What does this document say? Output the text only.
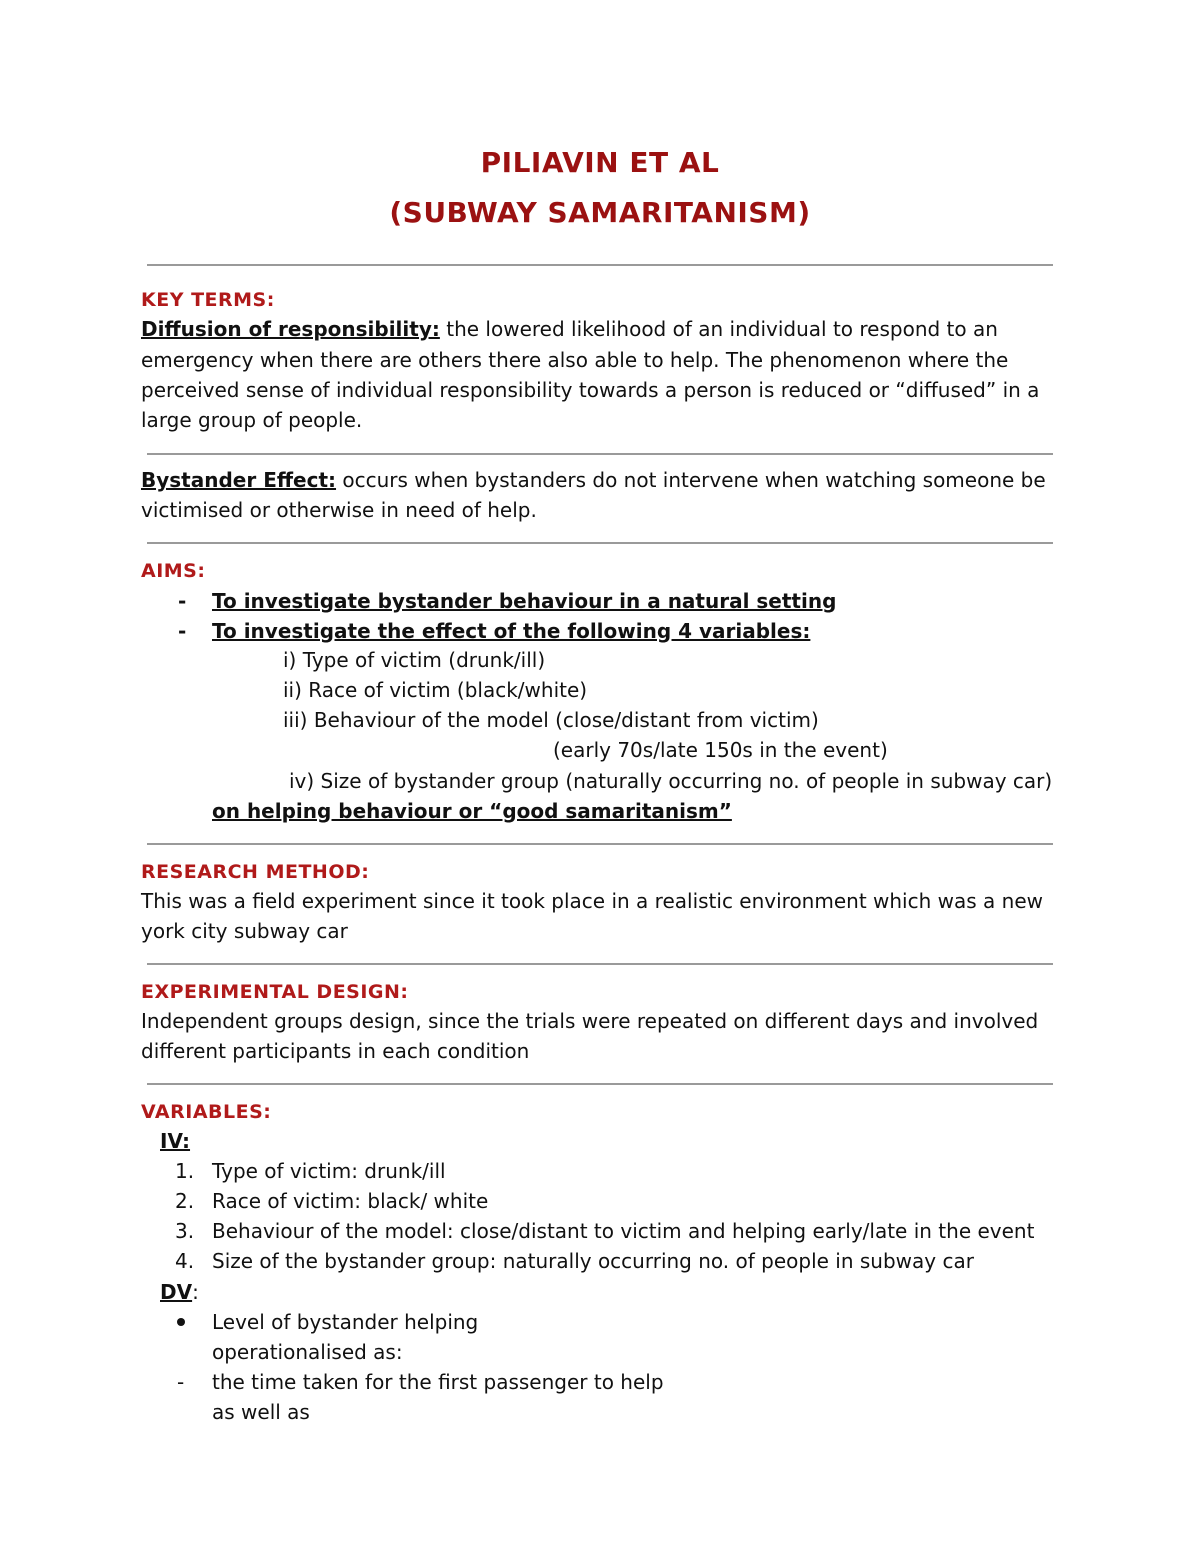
PILIAVIN ET AL
(SUBWAY SAMARITANISM)
KEY TERMS:
Diffusion of responsibility: the lowered likelihood of an individual to respond to an
emergency when there are others there also able to help. The phenomenon where the
perceived sense of individual responsibility towards a person is reduced or “diffused” in a
large group of people.
Bystander Effect: occurs when bystanders do not intervene when watching someone be
victimised or otherwise in need of help.
AIMS:
- To investigate bystander behaviour in a natural setting
- To investigate the effect of the following 4 variables:
i) Type of victim (drunk/ill)
ii) Race of victim (black/white)
iii) Behaviour of the model (close/distant from victim)
(early 70s/late 150s in the event)
iv) Size of bystander group (naturally occurring no. of people in subway car)
on helping behaviour or “good samaritanism”
RESEARCH METHOD:
This was a field experiment since it took place in a realistic environment which was a new
york city subway car
EXPERIMENTAL DESIGN:
Independent groups design, since the trials were repeated on different days and involved
different participants in each condition
VARIABLES:
IV:
1. Type of victim: drunk/ill
2. Race of victim: black/ white
3. Behaviour of the model: close/distant to victim and helping early/late in the event
4. Size of the bystander group: naturally occurring no. of people in subway car
DV:
Level of bystander helping
operationalised as:
- the time taken for the first passenger to help
as well as
